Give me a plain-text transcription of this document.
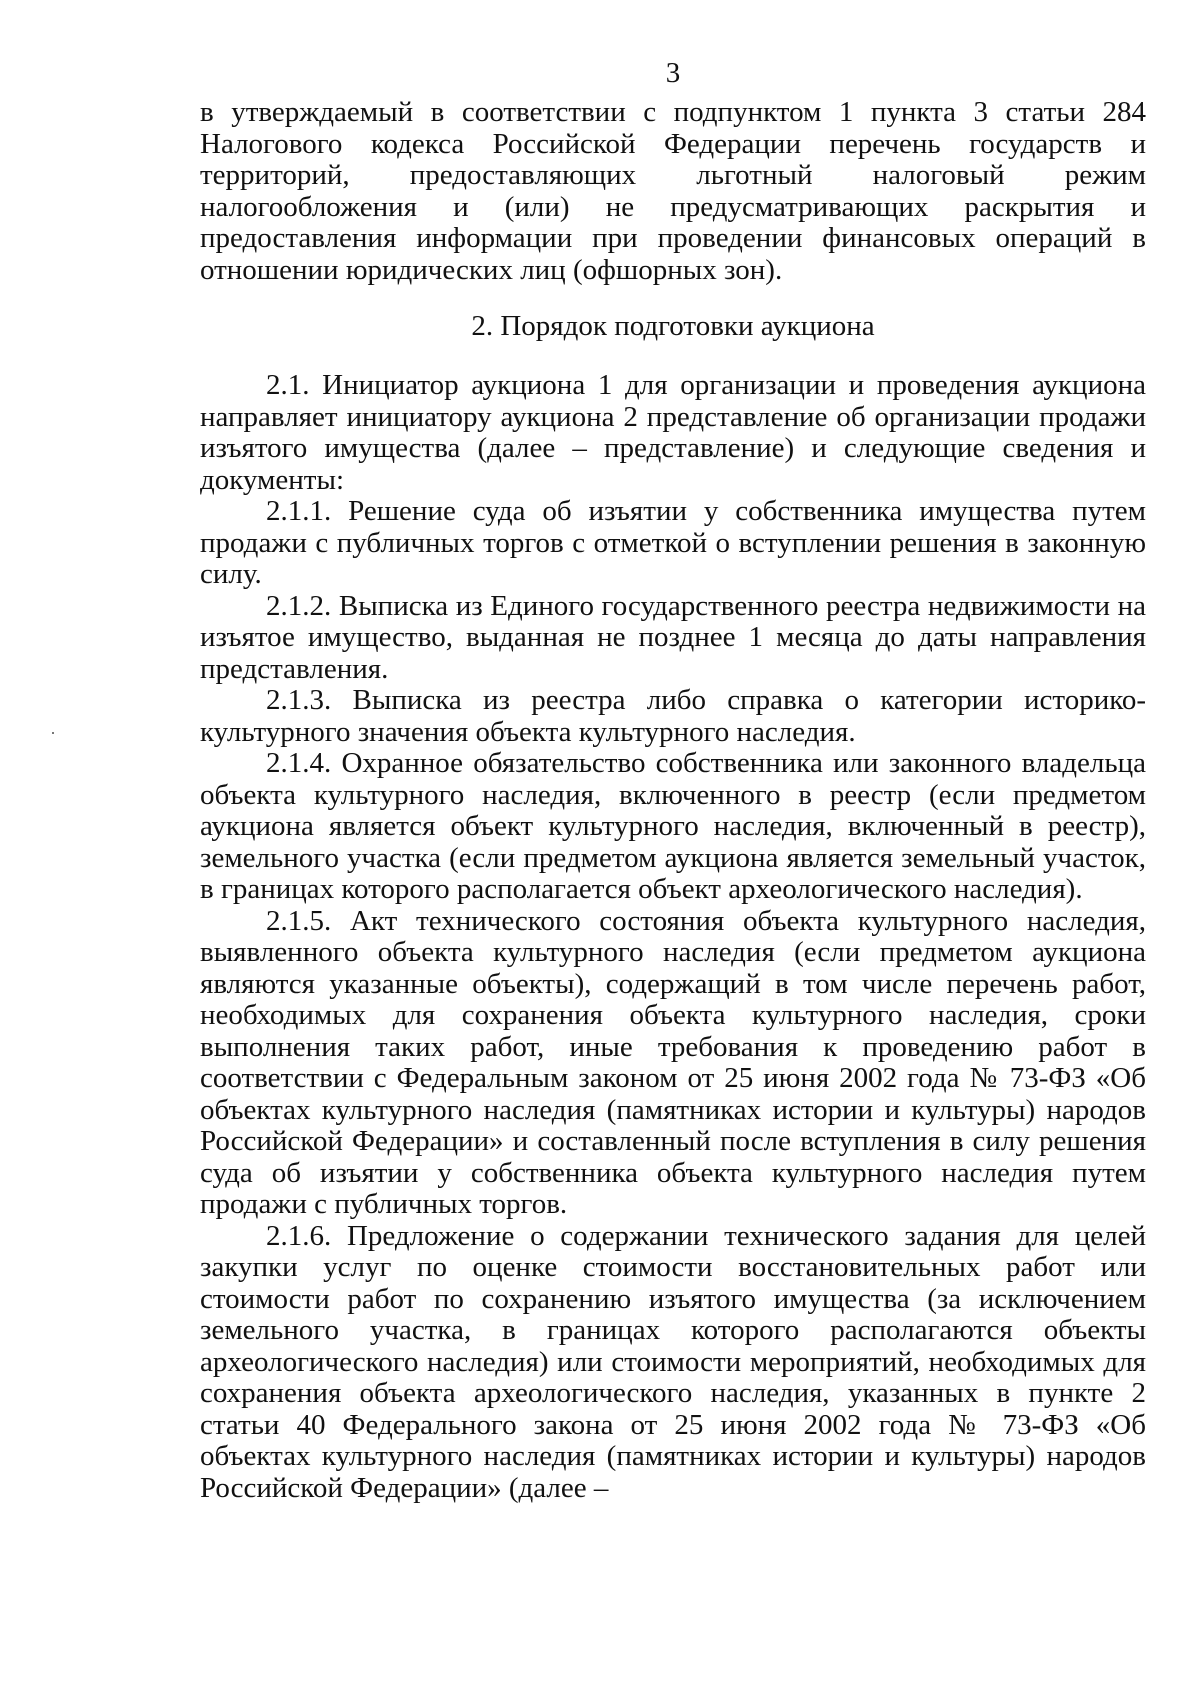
3

в утверждаемый в соответствии с подпунктом 1 пункта 3 статьи 284 Налогового кодекса Российской Федерации перечень государств и территорий, предоставляющих льготный налоговый режим налогообложения и (или) не предусматривающих раскрытия и предоставления информации при проведении финансовых операций в отношении юридических лиц (офшорных зон).

2. Порядок подготовки аукциона

2.1. Инициатор аукциона 1 для организации и проведения аукциона направляет инициатору аукциона 2 представление об организации продажи изъятого имущества (далее – представление) и следующие сведения и документы:

2.1.1. Решение суда об изъятии у собственника имущества путем продажи с публичных торгов с отметкой о вступлении решения в законную силу.

2.1.2. Выписка из Единого государственного реестра недвижимости на изъятое имущество, выданная не позднее 1 месяца до даты направления представления.

2.1.3. Выписка из реестра либо справка о категории историко-культурного значения объекта культурного наследия.

2.1.4. Охранное обязательство собственника или законного владельца объекта культурного наследия, включенного в реестр (если предметом аукциона является объект культурного наследия, включенный в реестр), земельного участка (если предметом аукциона является земельный участок, в границах которого располагается объект археологического наследия).

2.1.5. Акт технического состояния объекта культурного наследия, выявленного объекта культурного наследия (если предметом аукциона являются указанные объекты), содержащий в том числе перечень работ, необходимых для сохранения объекта культурного наследия, сроки выполнения таких работ, иные требования к проведению работ в соответствии с Федеральным законом от 25 июня 2002 года № 73-ФЗ «Об объектах культурного наследия (памятниках истории и культуры) народов Российской Федерации» и составленный после вступления в силу решения суда об изъятии у собственника объекта культурного наследия путем продажи с публичных торгов.

2.1.6. Предложение о содержании технического задания для целей закупки услуг по оценке стоимости восстановительных работ или стоимости работ по сохранению изъятого имущества (за исключением земельного участка, в границах которого располагаются объекты археологического наследия) или стоимости мероприятий, необходимых для сохранения объекта археологического наследия, указанных в пункте 2 статьи 40 Федерального закона от 25 июня 2002 года № 73-ФЗ «Об объектах культурного наследия (памятниках истории и культуры) народов Российской Федерации» (далее –
